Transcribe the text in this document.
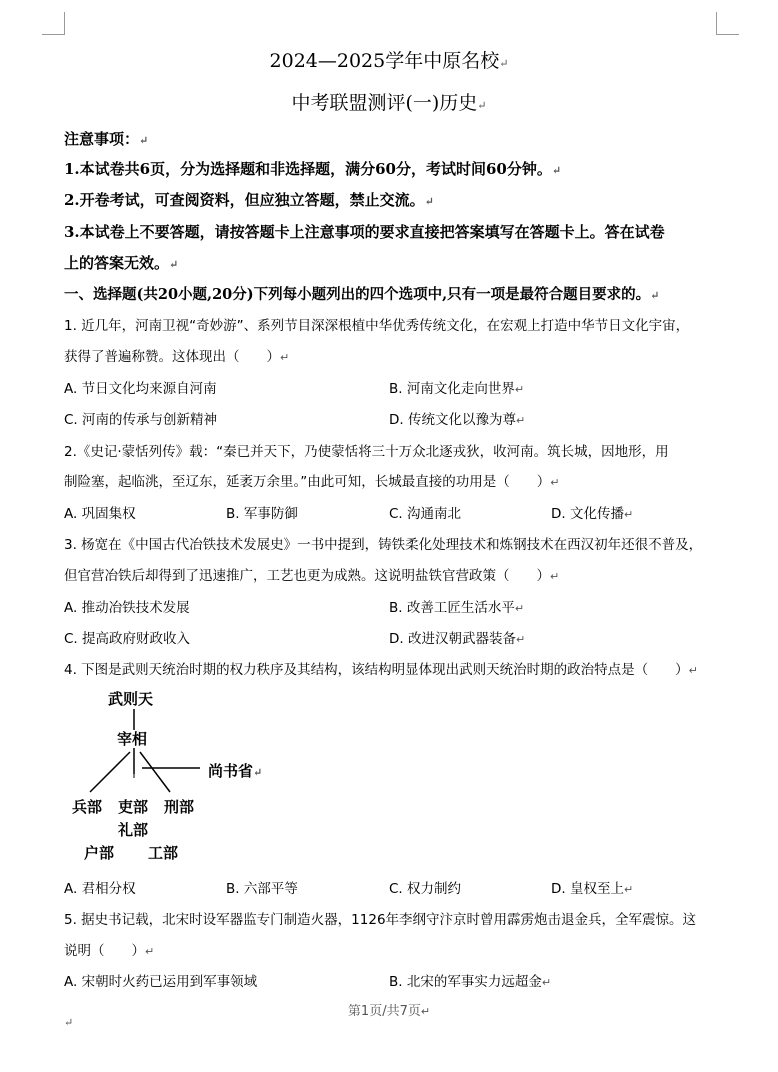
2024—2025学年中原名校↵
中考联盟测评(一)历史↵
注意事项：↵
1.本试卷共6页，分为选择题和非选择题，满分60分，考试时间60分钟。↵
2.开卷考试，可查阅资料，但应独立答题，禁止交流。↵
3.本试卷上不要答题，请按答题卡上注意事项的要求直接把答案填写在答题卡上。答在试卷
上的答案无效。↵
一、选择题(共20小题,20分)下列每小题列出的四个选项中,只有一项是最符合题目要求的。↵
1. 近几年，河南卫视“奇妙游”、系列节目深深根植中华优秀传统文化，在宏观上打造中华节日文化宇宙，
获得了普遍称赞。这体现出（　　）↵
A. 节日文化均来源自河南	B. 河南文化走向世界↵
C. 河南的传承与创新精神	D. 传统文化以豫为尊↵
2.《史记·蒙恬列传》载：“秦已并天下，乃使蒙恬将三十万众北逐戎狄，收河南。筑长城，因地形，用
制险塞，起临洮，至辽东，延袤万余里。”由此可知，长城最直接的功用是（　　）↵
A. 巩固集权	B. 军事防御	C. 沟通南北	D. 文化传播↵
3. 杨宽在《中国古代冶铁技术发展史》一书中提到，铸铁柔化处理技术和炼钢技术在西汉初年还很不普及，
但官营冶铁后却得到了迅速推广，工艺也更为成熟。这说明盐铁官营政策（　　）↵
A. 推动冶铁技术发展	B. 改善工匠生活水平↵
C. 提高政府财政收入	D. 改进汉朝武器装备↵
4. 下图是武则天统治时期的权力秩序及其结构，该结构明显体现出武则天统治时期的政治特点是（　　）↵
武则天
宰相
尚书省↵
兵部 吏部 刑部
礼部
户部 工部
A. 君相分权	B. 六部平等	C. 权力制约	D. 皇权至上↵
5. 据史书记载，北宋时设军器监专门制造火器，1126年李纲守汴京时曾用霹雳炮击退金兵，全军震惊。这
说明（　　）↵
A. 宋朝时火药已运用到军事领域	B. 北宋的军事实力远超金↵
第1页/共7页↵
↵
